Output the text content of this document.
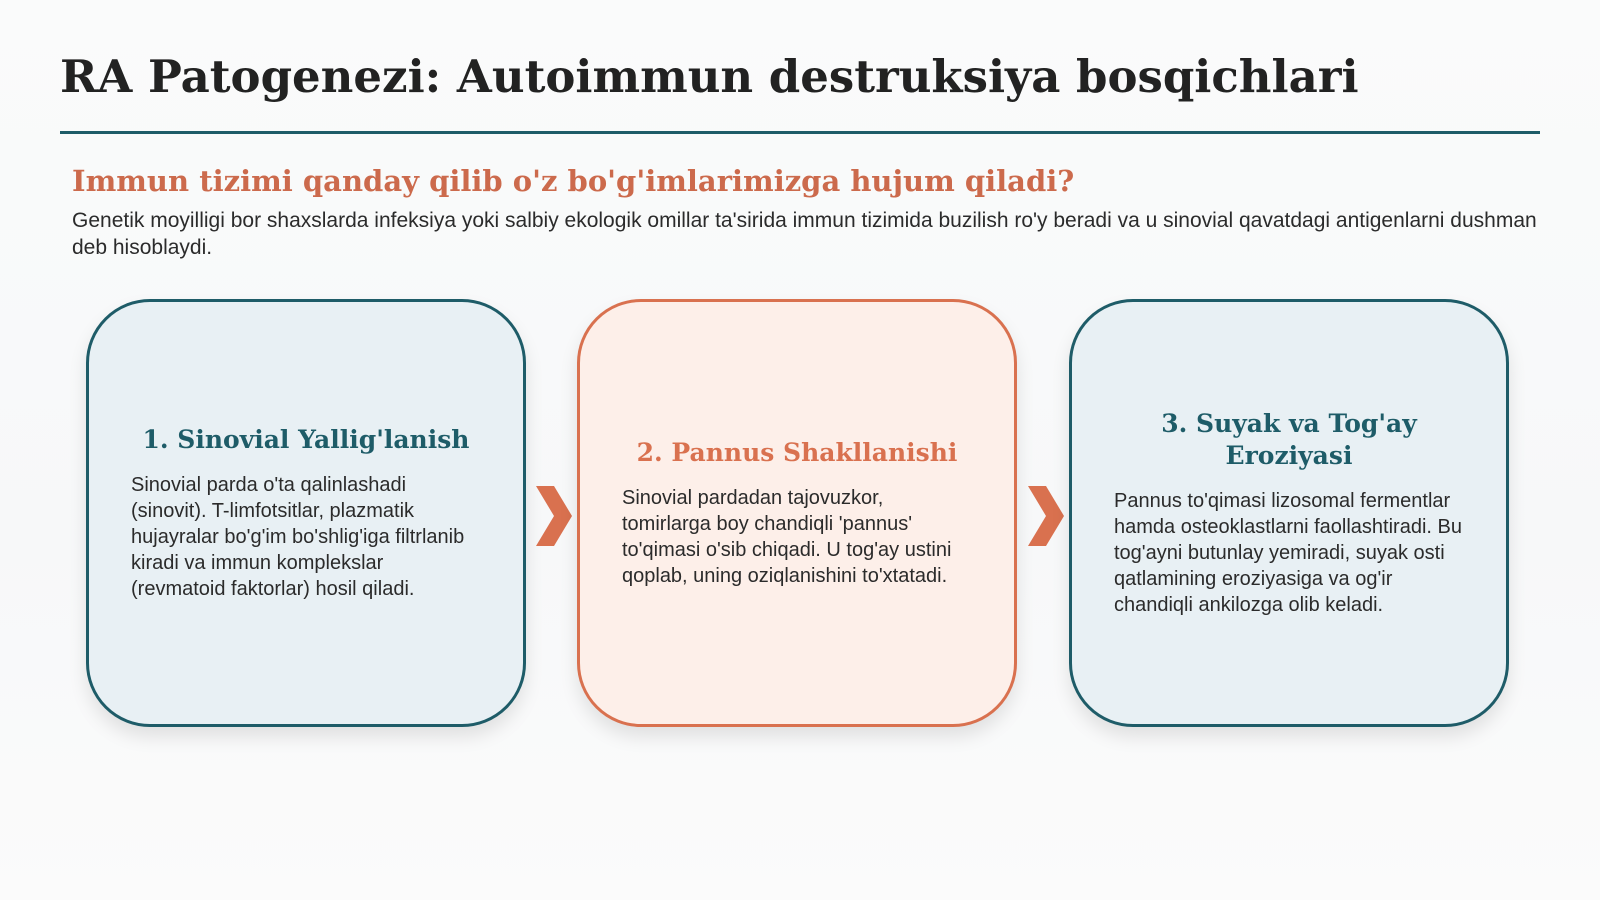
RA Patogenezi: Autoimmun destruksiya bosqichlari
Immun tizimi qanday qilib o'z bo'g'imlarimizga hujum qiladi?

Genetik moyilligi bor shaxslarda infeksiya yoki salbiy ekologik omillar ta'sirida immun tizimida buzilish ro'y beradi va u sinovial qavatdagi antigenlarni dushman deb hisoblaydi.

1. Sinovial Yallig'lanish

Sinovial parda o'ta qalinlashadi (sinovit). T-limfotsitlar, plazmatik hujayralar bo'g'im bo'shlig'iga filtrlanib kiradi va immun komplekslar (revmatoid faktorlar) hosil qiladi.

2. Pannus Shakllanishi

Sinovial pardadan tajovuzkor, tomirlarga boy chandiqli 'pannus' to'qimasi o'sib chiqadi. U tog'ay ustini qoplab, uning oziqlanishini to'xtatadi.

3. Suyak va Tog'ay Eroziyasi

Pannus to'qimasi lizosomal fermentlar hamda osteoklastlarni faollashtiradi. Bu tog'ayni butunlay yemiradi, suyak osti qatlamining eroziyasiga va og'ir chandiqli ankilozga olib keladi.
